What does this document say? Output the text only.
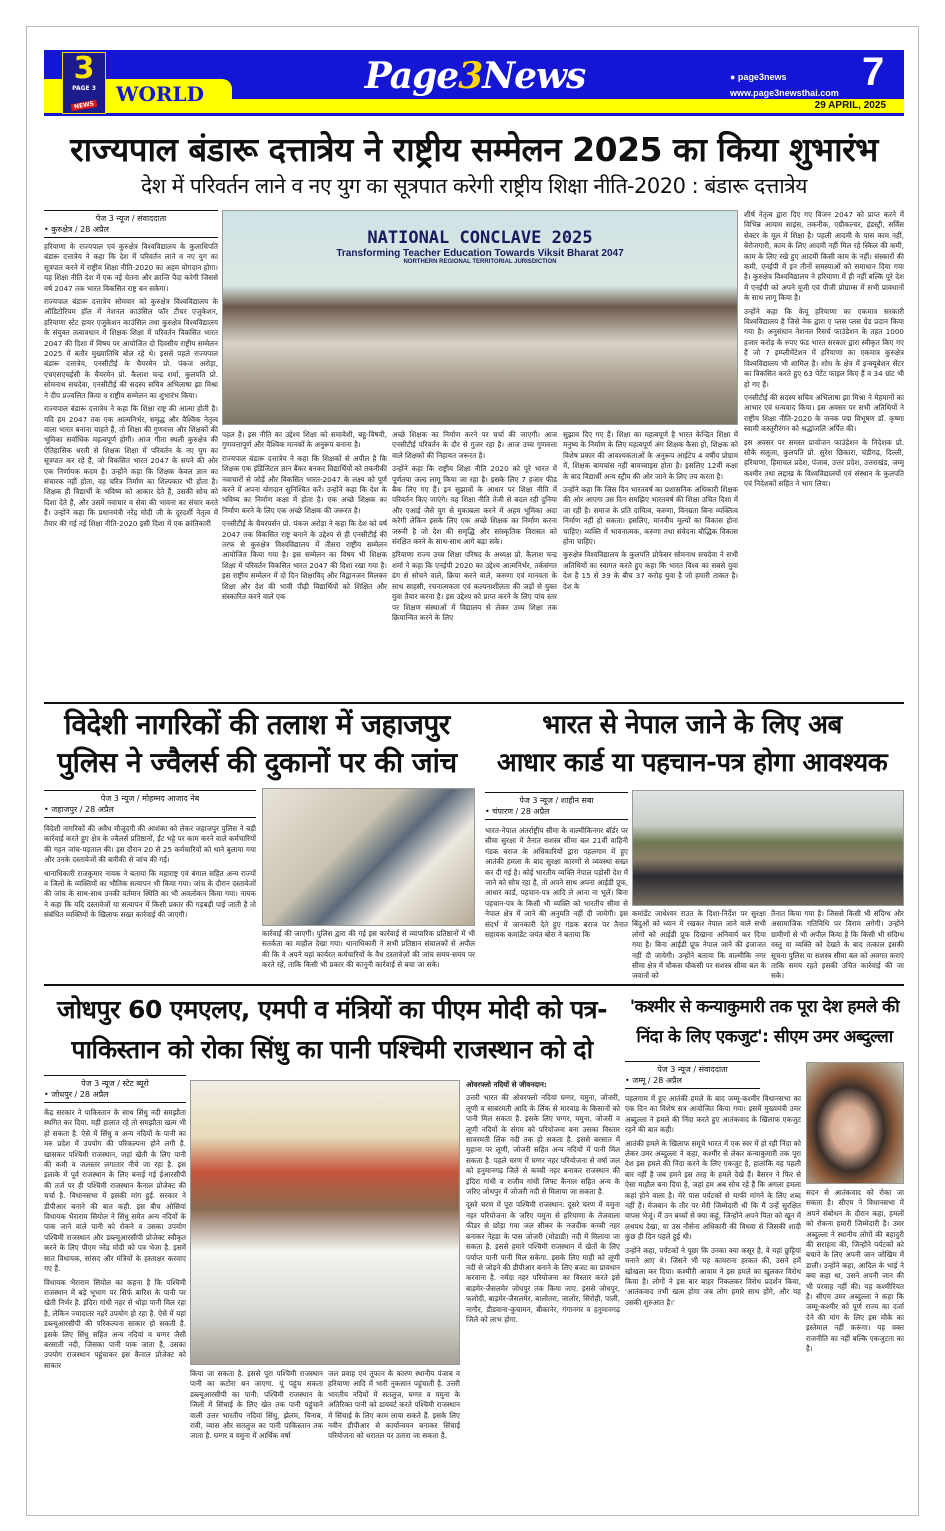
3
PAGE 3
NEWS	WORLD	Page3News	● page3news
www.page3newsthai.com 7
29 APRIL, 2025
राज्यपाल बंडारू दत्तात्रेय ने राष्ट्रीय सम्मेलन 2025 का किया शुभारंभ
देश में परिवर्तन लाने व नए युग का सूत्रपात करेगी राष्ट्रीय शिक्षा नीति-2020 : बंडारू दत्तात्रेय
पेज 3 न्यूज / संवाददाता
• कुरुक्षेत्र / 28 अप्रैल

हरियाणा के राज्यपाल एवं कुरुक्षेत्र विश्वविद्यालय के कुलाधिपति बंडारू दत्तात्रेय ने कहा कि देश में परिवर्तन लाने व नए युग का सूत्रपात करने में राष्ट्रीय शिक्षा नीति-2020 का अहम योगदान होगा। यह शिक्षा नीति देश में एक नई चेतना और क्रान्ति पैदा करेगी जिससे वर्ष 2047 तक भारत विकसित राष्ट्र बन सकेगा।

राज्यपाल बंडारू दत्तात्रेय सोमवार को कुरुक्षेत्र विश्वविद्यालय के ऑडिटोरियम हॉल में नेशनल काउंसिल फॉर टीचर एजुकेशन, हरियाणा स्टेट हायर एजुकेशन काउंसिल तथा कुरुक्षेत्र विश्वविद्यालय के संयुक्त तत्वावधान में शिक्षक शिक्षा में परिवर्तन विकसित भारत 2047 की दिशा में विषय पर आयोजित दो दिवसीय राष्ट्रीय सम्मेलन 2025 में बतौर मुख्यातिथि बोल रहे थे। इससे पहले राज्यपाल बंडारू दत्तात्रेय, एनसीटीई के चैयरमेन प्रो. पंकज अरोड़ा, एचएसएचईसी के चैयरमेन प्रो. कैलाश चन्द्र शर्मा, कुलपति प्रो. सोमनाथ सचदेवा, एनसीटीई की सदस्य सचिव अभिलाषा झा मिश्रा ने दीप प्रज्वलित किया व राष्ट्रीय सम्मेलन का शुभारंभ किया।

राज्यपाल बंडारू दत्तात्रेय ने कहा कि शिक्षा राष्ट्र की आत्मा होती है। यदि हम 2047 तक एक आत्मनिर्भर, समृद्ध और वैश्विक नेतृत्व वाला भारत बनाना चाहते हैं, तो शिक्षा की गुणवत्ता और शिक्षकों की भूमिका सर्वाधिक महत्वपूर्ण होगी। आज गीता स्थली कुरुक्षेत्र की ऐतिहासिक धरती से शिक्षक शिक्षा में परिवर्तन के नए युग का सूत्रपात कर रहे हैं, जो विकसित भारत 2047 के सपने की ओर एक निर्णायक कदम है। उन्होंने कहा कि शिक्षक केवल ज्ञान का संचारक नहीं होता, वह चरित्र निर्माण का शिल्पकार भी होता है। शिक्षक ही विद्यार्थी के भविष्य को आकार देते हैं, उसकी सोच को दिशा देते हैं, और उसमें नवाचार व सेवा की भावना का संचार करते हैं। उन्होंने कहा कि प्रधानमंत्री नरेंद्र मोदी जी के दूरदर्शी नेतृत्व में तैयार की गई नई शिक्षा नीति-2020 इसी दिशा में एक क्रांतिकारी

NATIONAL CONCLAVE 2025
Transforming Teacher Education Towards Viksit Bharat 2047
NORTHERN REGIONAL TERRITORIAL JURISDICTION

पहल है। इस नीति का उद्देश्य शिक्षा को समावेशी, बहु-विषयी, गुणवत्तापूर्ण और वैश्विक मानकों के अनुरूप बनाना है।

राज्यपाल बंडारू दत्तात्रेय ने कहा कि शिक्षकों से अपील है कि शिक्षक एक इंडिजिटल ज्ञान बैंकर बनकर विद्यार्थियों को तकनीकी नवाचारों से जोड़ें और विकसित भारत-2047 के लक्ष्य को पूर्ण करने में अपना योगदान सुनिश्चित करें। उन्होंने कहा कि देश के भविष्य का निर्माण कक्षा में होता है। एक अच्छे शिक्षक का निर्माण करने के लिए एक अच्छे शिक्षक की जरूरत है।

एनसीटीई के चैयरपर्सन प्रो. पंकज अरोड़ा ने कहा कि देश को वर्ष 2047 तक विकसित राष्ट्र बनाने के उद्देश्य से ही एनसीटीई की तरफ से कुरुक्षेत्र विश्वविद्यालय में तीसरा राष्ट्रीय सम्मेलन आयोजित किया गया है। इस सम्मेलन का विषय भी शिक्षक शिक्षा में परिवर्तन विकसित भारत 2047 की दिशा रखा गया है। इस राष्ट्रीय सम्मेलन में दो दिन शिक्षाविद् और विद्वानजन मिलकर शिक्षा और देश की भावी पीढ़ी विद्यार्थियों को शिक्षित और संस्कारित करने वाले एक

अच्छे शिक्षक का निर्माण करने पर चर्चा की जाएगी। आज एनसीटीई परिवर्तन के दौर से गुजर रहा है। आज उच्च गुणवत्ता वाले शिक्षकों की निहायत जरूरत है।

उन्होंने कहा कि राष्ट्रीय शिक्षा नीति 2020 को पूरे भारत में पूर्णतया जल्द लागू किया जा रहा है। इसके लिए 7 हजार फीड बैक लिए गए हैं। इन सुझावों के आधार पर शिक्षा नीति में परिवर्तन किए जाएंगे। यह शिक्षा नीति तेजी से बदल रही दुनिया और एआई जैसे युग से मुकाबला करने में अहम भूमिका अदा करेगी लेकिन इसके लिए एक अच्छे शिक्षक का निर्माण करना जरूरी है जो देश की समृद्धि और सांस्कृतिक विरासत को संरक्षित करने के साथ-साथ आगे बढ़ा सके।

हरियाणा राज्य उच्च शिक्षा परिषद के अध्यक्ष प्रो. कैलाश चन्द्र शर्मा ने कहा कि एनईपी 2020 का उद्देश्य आत्मनिर्भर, तर्कसंगत ढंग से सोचने वाले, क्रिया करने वाले, करुणा एवं मानवता के साथ साहसी, रचनात्मकता एवं कल्पनाशीलता की जड़ों से युक्त युवा तैयार करना है। इस उद्देश्य को प्राप्त करने के लिए पांच स्तर पर शिक्षण संस्थाओं में विद्यालय से लेकर उच्च शिक्षा तक क्रियान्वित करने के लिए

सुझाव दिए गए हैं। शिक्षा का महत्वपूर्ण है भारत केन्द्रित शिक्षा में मनुष्य के निर्माण के लिए महत्वपूर्ण अंग शिक्षक कैसा हो, शिक्षक को विशेष प्रकार की आवश्यकताओं के अनुरूप आईटेप 4 वर्षीय प्रोग्राम में, शिक्षक बायचांस नहीं बायच्वाइस होता है। इसलिए 12वीं कक्षा के बाद विद्यार्थी अन्य स्ट्रीम की ओर जाने के लिए तय करता है।

उन्होंने कहा कि जिस दिन भारतवर्ष का प्रशासनिक अधिकारी शिक्षक की ओर आएगा उस दिन समझिए भारतवर्ष की शिक्षा उचित दिशा में जा रही है। समाज के प्रति दायित्व, करुणा, विनम्रता बिना व्यक्तित्व निर्माण नहीं हो सकता। इसलिए, मानवीय मूल्यों का विकास होना चाहिए। व्यक्ति में भावनात्मक, करुणा तथा संवेदना बौद्धिक विकास होना चाहिए।

कुरुक्षेत्र विश्वविद्यालय के कुलपति प्रोफेसर सोमनाथ सचदेवा ने सभी अतिथियों का स्वागत करते हुए कहा कि भारत विश्व का सबसे युवा देश है 15 से 39 के बीच 37 करोड़ युवा है जो हमारी ताकत है। देश के

शीर्ष नेतृत्व द्वारा दिए गए विजन 2047 को प्राप्त करने में विभिन्न आयाम साइंस, तकनीक, एग्रीकल्चर, इंडस्ट्री, सर्विस सेक्टर के मूल में शिक्षा है। पहली आदमी के पास काम नहीं, बेरोजगारी, काम के लिए आदमी नहीं मिल रहे स्किल की कमी, काम के लिए रखे हुए आदमी किसी काम के नहीं। संस्कारों की कमी, एनईपी में इन तीनों समस्याओं को समाधान दिया गया है। कुरुक्षेत्र विश्वविद्यालय ने हरियाणा में ही नहीं बल्कि पूरे देश में एनईपी को अपने यूजी एवं पीजी प्रोग्राम्स में सभी प्रावधानों के साथ लागू किया है।

उन्होंने कहा कि केयू हरियाणा का एकमात्र सरकारी विश्वविद्यालय है जिसे नेक द्वारा ए प्लस प्लस ग्रेड प्रदान किया गया है। अनुसंधान नेशनल रिसर्च फाउंडेशन के तहत 1000 हजार करोड़ के रुपए फंड भारत सरकार द्वारा स्वीकृत किए गए हैं जो 7 इम्प्लीमेंटेशन में हरियाणा का एकमात्र कुरुक्षेत्र विश्वविद्यालय भी शामिल है। शोध के क्षेत्र में इन्क्यूबेशन सेंटर का विकसित करते हुए 63 पेटेंट फाइल किए हैं व 34 ग्रांट भी हो गए हैं।

एनसीटीई की सदस्य सचिव अभिलाषा झा मिश्रा ने मेहमानों का आभार एवं धन्यवाद किया। इस अवसर पर सभी अतिथियों ने राष्ट्रीय शिक्षा नीति-2020 के जनक पद्म विभूषण डॉ. कृष्णा स्वामी कस्तूरीरंगन को श्रद्धांजलि अर्पित की।

इस अवसर पर समस्त प्रायोजन फाउंडेशन के निदेशक प्रो. सौके सलूजा, कुलपति प्रो. सुरेश छिकारा, चंडीगढ़, दिल्ली, हरियाणा, हिमाचल प्रदेश, पंजाब, उत्तर प्रदेश, उत्तराखंड, जम्मू कश्मीर तथा लद्दाख के विश्वविद्यालयों एवं संस्थान के कुलपति एवं निदेशकों सहित ने भाग लिया।

विदेशी नागरिकों की तलाश में जहाजपुर
पुलिस ने ज्वैलर्स की दुकानों पर की जांच
पेज 3 न्यूज / मोहम्मद आजाद नेब
• जहाजपुर / 28 अप्रैल

विदेशी नागरिकों की अवैध मौजूदगी की आशंका को लेकर जहाजपुर पुलिस ने बड़ी कार्रवाई करते हुए क्षेत्र के ज्वैलर्स प्रतिष्ठानों, ईंट भट्टे पर काम करने वाले कर्मचारियों की गहन जांच-पड़ताल की। इस दौरान 20 से 25 कर्मचारियों को थाने बुलाया गया और उनके दस्तावेजों की बारीकी से जांच की गई।

थानाधिकारी राजकुमार नायक ने बताया कि महाराष्ट्र एवं बंगाल सहित अन्य राज्यों व जिलों के व्यक्तियों का भौतिक सत्यापन भी किया गया। जांच के दौरान दस्तावेजों की जांच के साथ-साथ उनकी वर्तमान स्थिति का भी अवलोकन किया गया। नायक ने कहा कि यदि दस्तावेजों या सत्यापन में किसी प्रकार की गड़बड़ी पाई जाती है तो संबंधित व्यक्तियों के खिलाफ सख्त कार्रवाई की जाएगी।

कार्रवाई की जाएगी। पुलिस द्वारा की गई इस कार्रवाई से व्यापारिक प्रतिष्ठानों में भी सतर्कता का माहौल देखा गया। थानाधिकारी ने सभी प्रतिष्ठान संचालकों से अपील की कि वे अपने यहां कार्यरत कर्मचारियों के वैध दस्तावेज़ों की जांच समय-समय पर करते रहें, ताकि किसी भी प्रकार की कानूनी कार्रवाई से बचा जा सके।

भारत से नेपाल जाने के लिए अब
आधार कार्ड या पहचान-पत्र होगा आवश्यक
पेज 3 न्यूज / शाहीन सबा
• चंपारण / 28 अप्रैल

भारत-नेपाल अंतर्राष्ट्रीय सीमा के वाल्मीकिनगर बॉर्डर पर सीमा सुरक्षा में तैनात सशस्त्र सीमा बल 21वीं वाहिनी गंडक बराज के अधिकारियों द्वारा पहलगाम में हुए आतंकी हमला के बाद सुरक्षा कारणों से व्यवस्था सख्त कर दी गई है। कोई भारतीय व्यक्ति नेपाल पड़ोसी देश में जाने को सोच रहा है, तो अपने साथ अपना आईडी प्रूफ, आधार कार्ड, पहचान-पत्र आदि ले आना ना भूलें। बिना पहचान-पत्र के किसी भी व्यक्ति को भारतीय सीमा से नेपाल क्षेत्र में जाने की अनुमति नहीं दी जायेगी। इस संदर्भ में जानकारी देते हुए गंडक बराज पर तैनात सहायक कमांडेंट जयंत बोरा ने बताया कि

कमांडेंट जाधेश्वर राउत के दिशा-निर्देश पर सुरक्षा बिंदुओं को ध्यान में रखकर नेपाल जाने वाले सभी लोगों को आईडी प्रूफ दिखाना अनिवार्य कर दिया गया है। बिना आईडी प्रूफ नेपाल जाने की इजाजत नहीं दी जायेगी। उन्होंने बताया कि वाल्मीकि नगर सीमा क्षेत्र में चौकस चौकसी पर सशस्त्र सीमा बल के जवानों को

तैनात किया गया है। जिससे किसी भी संदिग्ध और असामाजिक गतिविधि पर विराम लगेगी। उन्होंने ग्रामीणों से भी अपील किया है कि किसी भी संदिग्ध वस्तु या व्यक्ति को देखते के बाद तत्काल इसकी सूचना पुलिस या सशस्त्र सीमा बल को अवगत कराएं ताकि समय रहते इसकी उचित कार्रवाई की जा सके।

जोधपुर 60 एमएलए, एमपी व मंत्रियों का पीएम मोदी को पत्र-
पाकिस्तान को रोका सिंधु का पानी पश्चिमी राजस्थान को दो
पेज 3 न्यूज / स्टेट ब्यूरो
• जोधपुर / 28 अप्रैल

केंद्र सरकार ने पाकिस्तान के साथ सिंधु नदी समझौता स्थगित कर दिया. यही हालात रहे तो समझौता खत्म भी हो सकता है. ऐसे में सिंधु व अन्य नदियों के पानी का मरु प्रदेश में उपयोग की परिकल्पना होने लगी है. खासकर पश्चिमी राजस्थान, जहां खेती के लिए पानी की कमी व जलस्तर लगातार नीचे जा रहा है. इस इलाके में पूर्व राजस्थान के लिए बनाई गई ईआरसीपी की तर्ज पर ही पश्चिमी राजस्थान कैनाल प्रोजेक्ट की चर्चा है. विधानसभा में इसकी मांग हुई. सरकार ने डीपीआर बनाने की बात कही. इस बीच ओसियां विधायक भैराराम सियोल ने सिंधु समेत अन्य नदियों के पाक जाने वाले पानी को रोकने व उसका उपयोग पश्चिमी राजस्थान और डब्ल्यूआरसीपी प्रोजेक्ट स्वीकृत करने के लिए पीएम नरेंद्र मोदी को पत्र भेजा है. इसमें सात विधायक, सांसद और मंत्रियों के हस्ताक्षर करवाए गए हैं.

विधायक भैराराम सियोल का कहना है कि पश्चिमी राजस्थान में बड़े भूभाग पर सिर्फ बारिश के पानी पर खेती निर्भर है. इंदिरा गांधी नहर से थोड़ा पानी मिल रहा है, लेकिन ज्यादातर नहरें उपयोग हो रहा है. ऐसे में यहां डब्ल्यूआरसीपी की परिकल्पना साकार हो सकती है. इसके लिए सिंधु सहित अन्य नदियां व घग्गर जैसी बरसाती नदी, जिसका पानी पाक जाता है, उसका उपयोग राजस्थान पहुंचाकर इस कैनाल प्रोजेक्ट को साकार

किया जा सकता है. इससे पूरा पश्चिमी राजस्थान पानी का कटोरा बन जाएगा. यूं पहुंच सकता डब्ल्यूआरसीपी का पानी: पश्चिमी राजस्थान के जिलों में सिंचाई के लिए खेत तक पानी पहुंचाने वाली उत्तर भारतीय नदियां सिंधु, झेलम, चिनाब, रावी, व्यास और सतलुज का पानी पाकिस्तान तक जाता है. घग्गर व यमुना में आर्थिक वर्षा

जल प्रवाह एवं तूफान के कारण स्थानीय पंजाब व हरियाणा आदि में भारी नुकसान पहुंचाती है. उत्तरी भारतीय नदियों में सतलुज, घग्गर व यमुना के अतिरिक्त पानी को डायवर्ट करते पश्चिमी राजस्थान में सिंचाई के लिए काम लाया सकते हैं. इसके लिए नवीन डीपीआर से कार्यान्वयन बनाकर सिंचाई परियोजना को धरातल पर उतारा जा सकता है.

ओवरफ्लो नदियों से जीवनदान:

उत्तरी भारत की ओवरफ्लो नदियां घग्गर, यमुना, जोजरी, लूणी व साबरमती आदि के लिंक से मारवाड़ के किसानों को पानी मिल सकता है. इसके लिए घग्गर, यमुना, जोजरी व लूणी नदियों के संगम को परियोजना बना उसका विस्तार सावरमती लिंक नदी तक हो सकता है. इससे बरसात में मुहाना पर लूणी, जोजरी सहित अन्य नदियों में पानी मिल सकता है. पहले चरण में घग्गर नहर परियोजना से वर्षा जल को हनुमानगढ़ जिले से कच्ची नहर बनाकर राजस्थान की इंदिरा गांधी व राजीव गांधी लिफ्ट कैनाल सहित अन्य के जरिए जोधपुर में जोजरी नदी से मिलाया जा सकता है.

दूसरे चरण में पूरा पश्चिमी राजस्थान: दूसरे चरण में यमुना नहर परियोजना के जरिए यमुना से हरियाणा के तेजवाला फीडर से छोड़ा गया जल सीकर के नजदीक कच्ची नहर बनाकर नेहड़ा के पास जोजरी (मोडाडी) नदी में मिलाया जा सकता है. इससे हमारे पश्चिमी राजस्थान में खेतों के लिए पर्याप्त पानी पानी मिल सकेगा. इसके लिए माही को लूणी नदी से जोड़ने की डीपीआर बनाने के लिए बजट का प्रावधान करवाना है. नर्मदा नहर परियोजना का विस्तार करते इसे बाड़मेर-जैसलमेर जोधपुर तक किया जाए. इससे जोधपुर, फलोदी, बाड़मेर-जैसलमेर, बालोतरा, जालोर, सिरोही, पाली, नागौर, डीडवाना-कुचामन, बीकानेर, गंगानगर व हनुमानगढ़ जिले को लाभ होगा.

'कश्मीर से कन्याकुमारी तक पूरा देश हमले की
निंदा के लिए एकजुट': सीएम उमर अब्दुल्ला
पेज 3 न्यूज / संवाददाता
• जम्मू / 28 अप्रैल

पहलगाम में हुए आतंकी हमले के बाद जम्मू-कश्मीर विधानसभा का एक दिन का विशेष सत्र आयोजित किया गया। इसमें मुख्यमंत्री उमर अब्दुल्ला ने हमले की निंदा करते हुए आतंकवाद के खिलाफ एकजुट रहने की बात कही।

आतंकी हमले के खिलाफ समूचे भारत में एक स्वर में हो रही निंदा को लेकर उमर अब्दुल्ला ने कहा, कश्मीर से लेकर कन्याकुमारी तक पूरा देश इस हमले की निंदा करने के लिए एकजुट है, हालांकि यह पहली बार नहीं है जब हमने इस तरह के हमले देखे हैं। बैसरन ने फिर से ऐसा माहौल बना दिया है, जहां हम अब सोच रहे हैं कि अगला हमला कहां होने वाला है। मेरे पास पर्यटकों से माफी मांगने के लिए शब्द नहीं हैं। मेजबान के तौर पर मेरी जिम्मेदारी थी कि मैं उन्हें सुरक्षित वापस भेजूं। मैं उन बच्चों से क्या कहूं, जिन्होंने अपने पिता को खून में लथपथ देखा, या उस नौसेना अधिकारी की विधवा से जिसकी शादी कुछ ही दिन पहले हुई थी।

उन्होंने कहा, पर्यटकों ने पूछा कि उनका क्या कसूर है, वे यहां छुट्टियां मनाने आए थे। जिसने भी यह कायराना हरकत की, उसने हमें खोखला कर दिया। कश्मीरी आवाम ने इस हमले का खुलकर विरोध किया है। लोगों ने इस बार बाहर निकलकर विरोध प्रदर्शन किया, 'आतंकवाद तभी खत्म होगा जब लोग हमारे साथ होंगे, और यह उसकी शुरुआत है।'

सदन से आतंकवाद को रोका जा सकता है। सीएम ने विधानसभा में अपने संबोधन के दौरान कहा, हमलों को रोकना हमारी जिम्मेदारी है। उमर अब्दुल्ला ने स्थानीय लोगों की बहादुरी की सराहना की, जिन्होंने पर्यटकों को बचाने के लिए अपनी जान जोखिम में डाली। उन्होंने कहा, आदिल के भाई ने क्या कहा था, उसने अपनी जान की भी परवाह नहीं की। यह कश्मीरियत है। सीएम उमर अब्दुल्ला ने कहा कि जम्मू-कश्मीर को पूर्ण राज्य का दर्जा देने की मांग के लिए इस मौके का इस्तेमाल नहीं करूंगा। यह वक्त राजनीति का नहीं बल्कि एकजुटता का है।
